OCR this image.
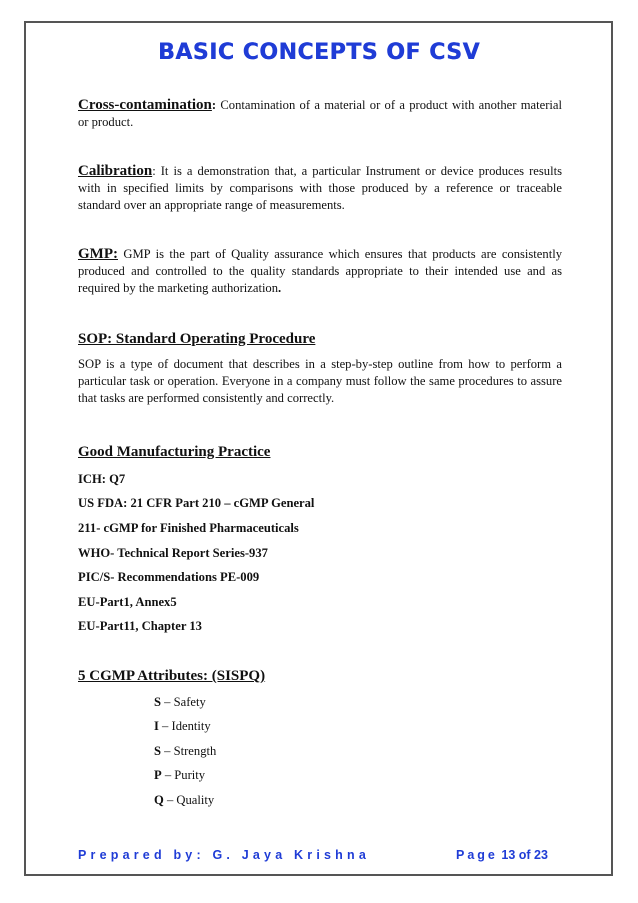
BASIC CONCEPTS OF CSV
Cross-contamination: Contamination of a material or of a product with another material or product.
Calibration: It is a demonstration that, a particular Instrument or device produces results with in specified limits by comparisons with those produced by a reference or traceable standard over an appropriate range of measurements.
GMP: GMP is the part of Quality assurance which ensures that products are consistently produced and controlled to the quality standards appropriate to their intended use and as required by the marketing authorization.
SOP: Standard Operating Procedure
SOP is a type of document that describes in a step-by-step outline from how to perform a particular task or operation. Everyone in a company must follow the same procedures to assure that tasks are performed consistently and correctly.
Good Manufacturing Practice
ICH: Q7
US FDA: 21 CFR Part 210 – cGMP General
211- cGMP for Finished Pharmaceuticals
WHO- Technical Report Series-937
PIC/S- Recommendations PE-009
EU-Part1, Annex5
EU-Part11, Chapter 13
5 CGMP Attributes: (SISPQ)
S – Safety
I – Identity
S – Strength
P – Purity
Q – Quality
Prepared by: G. Jaya Krishna	Page 13 of 23
